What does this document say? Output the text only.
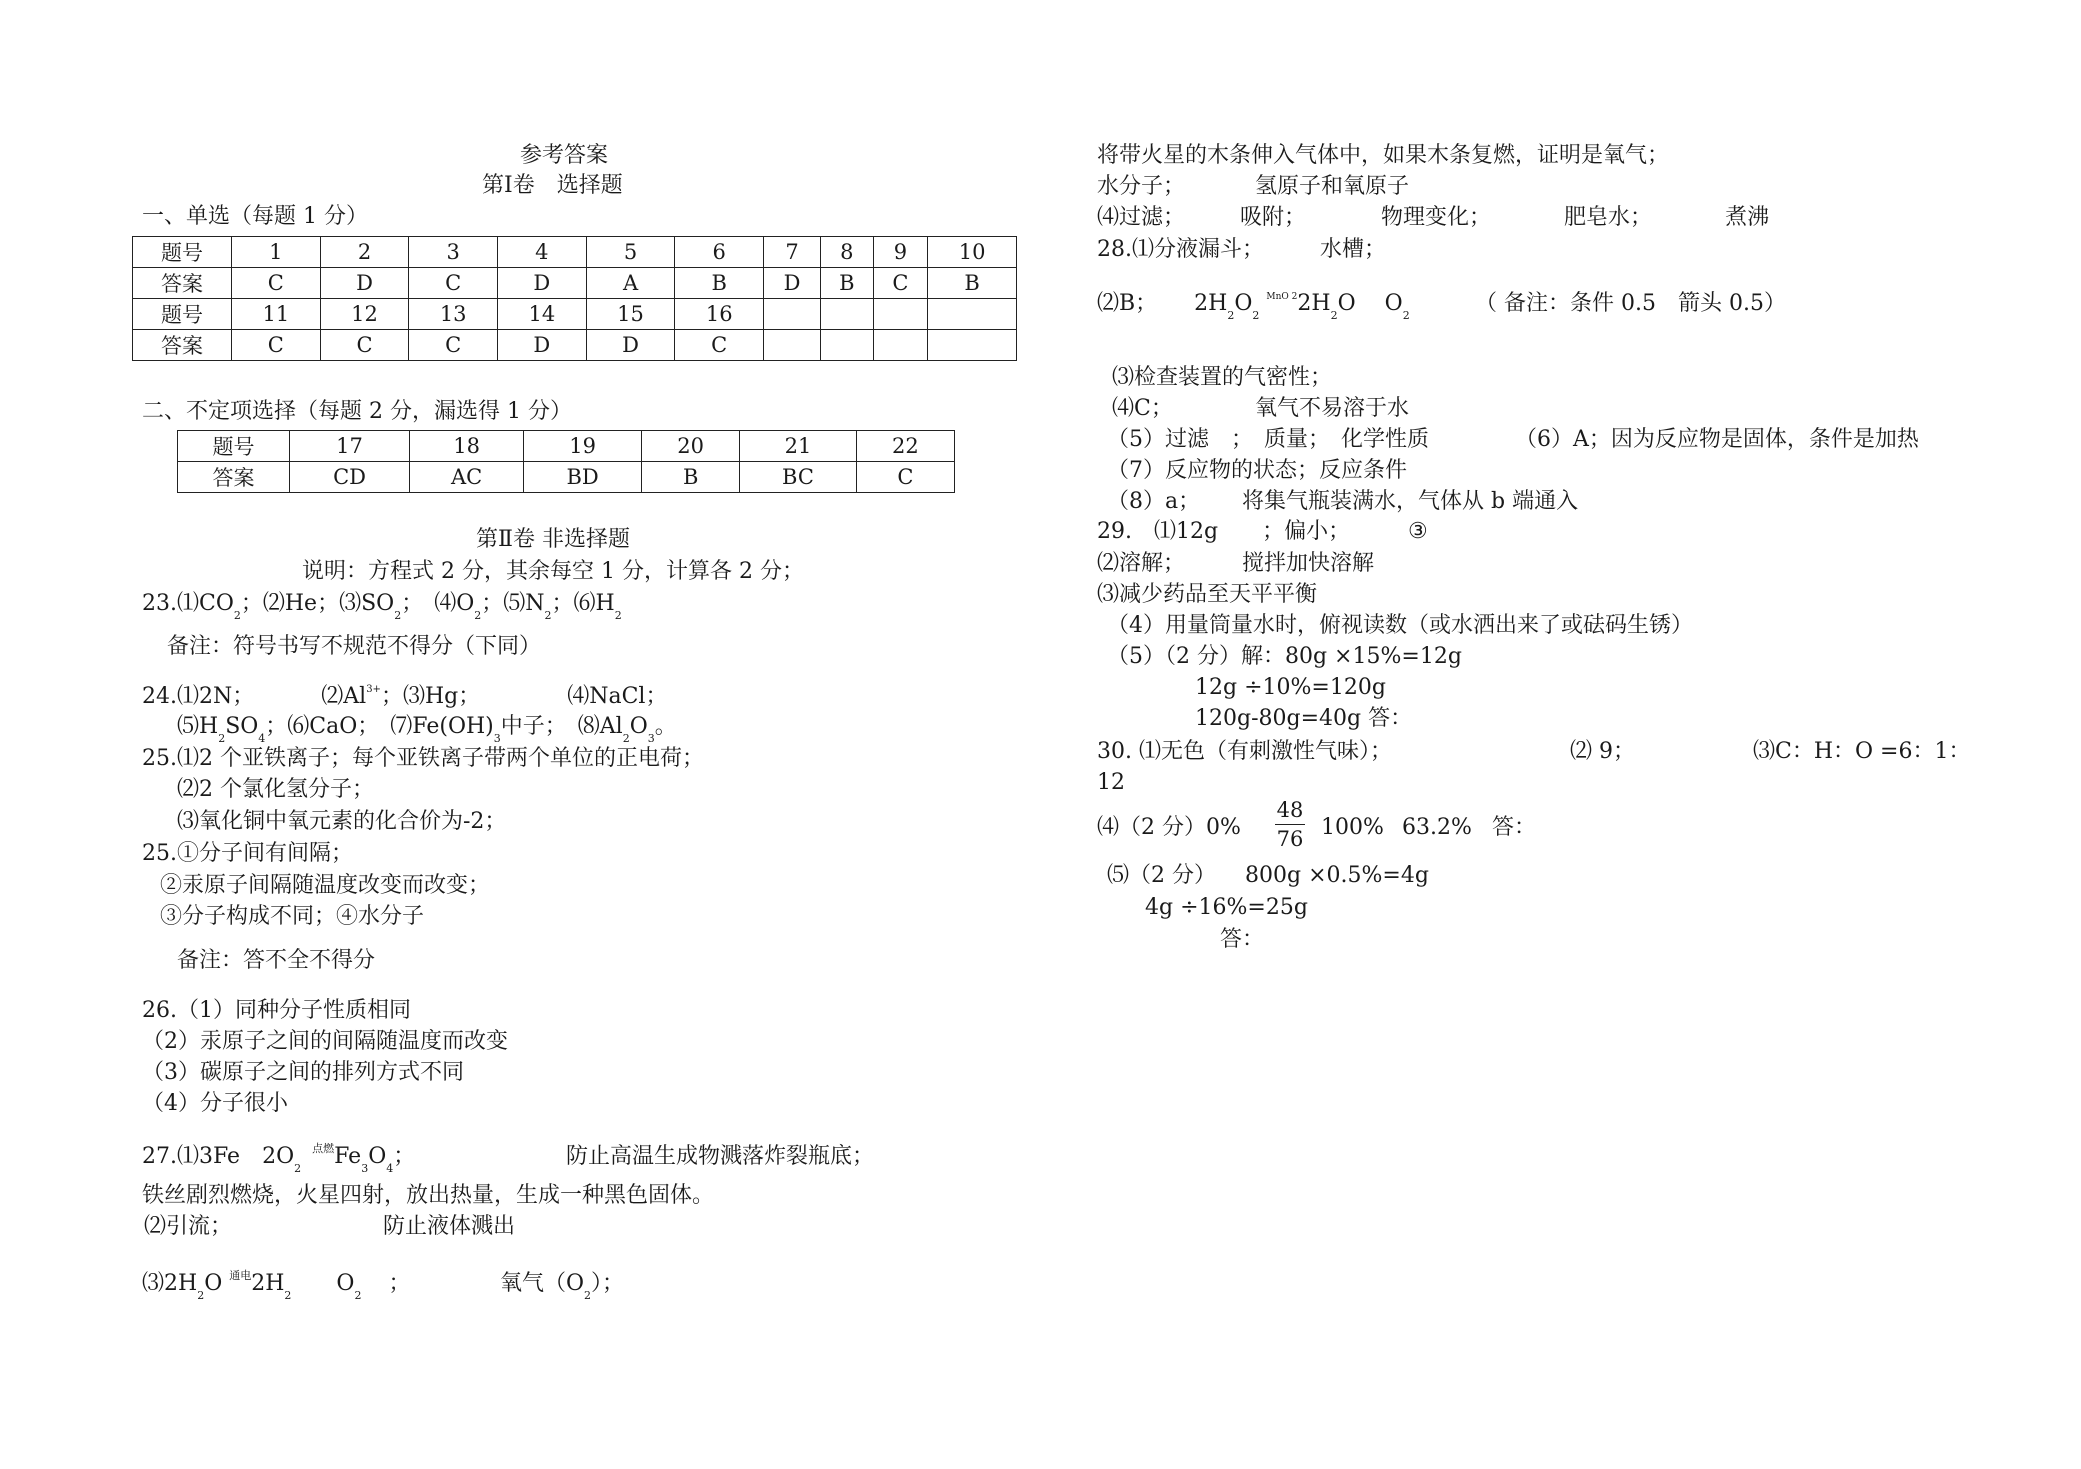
参考答案
第Ⅰ卷　选择题
一、单选（每题 1 分）
题号	1	2	3	4	5	6	7	8	9	10
答案	C	D	C	D	A	B	D	B	C	B
题号	11	12	13	14	15	16				
答案	C	C	C	D	D	C				
二、不定项选择（每题 2 分，漏选得 1 分）
题号	17	18	19	20	21	22
答案	CD	AC	BD	B	BC	C
第Ⅱ卷 非选择题
说明：方程式 2 分，其余每空 1 分，计算各 2 分；
$23.⑴CO_2$；⑵He；$⑶SO_2$；　$⑷O_2$；$⑸N_2$；$⑹H_2$
备注：符号书写不规范不得分（下同）
24.⑴2N；	$⑵Al^{3+}$；⑶Hg；	⑷NaCl；
$⑸H_2SO_4$；⑹CaO；　$⑺Fe(OH)_3$中子；　$⑻Al_2O_3$。
25.⑴2 个亚铁离子；每个亚铁离子带两个单位的正电荷；
⑵2 个氯化氢分子；
⑶氧化铜中氧元素的化合价为-2；
25.①分子间有间隔；
②汞原子间隔随温度改变而改变；
③分子构成不同；④水分子
备注：答不全不得分
26.（1）同种分子性质相同
（2）汞原子之间的间隔随温度而改变
（3）碳原子之间的排列方式不同
（4）分子很小
27.⑴3Fe　$2O_2$ $^{点燃}Fe_3O_4$；	防止高温生成物溅落炸裂瓶底；
铁丝剧烈燃烧，火星四射，放出热量，生成一种黑色固体。
⑵引流；	防止液体溅出
$⑶2H_2O$ $^{通电}2H_2$ $O_2$ ；	氧气$(O_2)$；
将带火星的木条伸入气体中，如果木条复燃，证明是氧气；
水分子；	氢原子和氧原子
⑷过滤；	吸附；	物理变化；	肥皂水；	煮沸
28.⑴分液漏斗；	水槽；
⑵B； $2H_2O_2$ $^{MnO 2}2H_2O$ $O_2$	（ 备注：条件 0.5　箭头 0.5）
⑶检查装置的气密性；
⑷C；	氧气不易溶于水
（5）过滤　；　质量；　化学性质	（6）A；因为反应物是固体，条件是加热
（7）反应物的状态；反应条件
（8）a； 将集气瓶装满水，气体从 b 端通入
29.　⑴12g　　；偏小；	③
⑵溶解；	搅拌加快溶解
⑶减少药品至天平平衡
（4）用量筒量水时，俯视读数（或水洒出来了或砝码生锈）
（5）（2 分）解：80g ×15%=12g
12g ÷10%=120g
120g-80g=40g 答：
30. ⑴无色（有刺激性气味）；	⑵ 9；	⑶C：H：O =6：1：
12
⑷（2 分）0%
48
76 100% 63.2% 答：
⑸（2 分） 800g ×0.5%=4g
4g ÷16%=25g
答：
